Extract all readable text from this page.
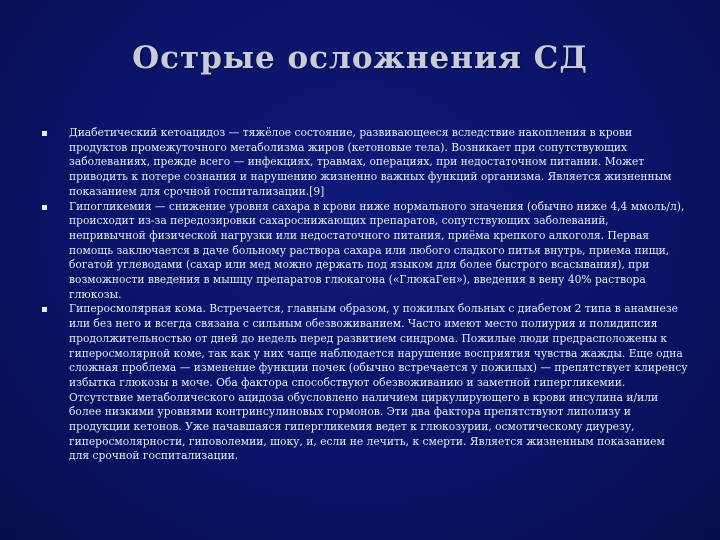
Острые осложнения СД
Диабетический кетоацидоз — тяжёлое состояние, развивающееся вследствие накопления в крови продуктов промежуточного метаболизма жиров (кетоновые тела). Возникает при сопутствующих заболеваниях, прежде всего — инфекциях, травмах, операциях, при недостаточном питании. Может приводить к потере сознания и нарушению жизненно важных функций организма. Является жизненным показанием для срочной госпитализации.[9]
Гипогликемия — снижение уровня сахара в крови ниже нормального значения (обычно ниже 4,4 ммоль/л), происходит из-за передозировки сахароснижающих препаратов, сопутствующих заболеваний, непривычной физической нагрузки или недостаточного питания, приёма крепкого алкоголя. Первая помощь заключается в даче больному раствора сахара или любого сладкого питья внутрь, приема пищи, богатой углеводами (сахар или мед можно держать под языком для более быстрого всасывания), при возможности введения в мышцу препаратов глюкагона («ГлюкаГен»), введения в вену 40% раствора глюкозы.
Гиперосмолярная кома. Встречается, главным образом, у пожилых больных с диабетом 2 типа в анамнезе или без него и всегда связана с сильным обезвоживанием. Часто имеют место полиурия и полидипсия продолжительностью от дней до недель перед развитием синдрома. Пожилые люди предрасположены к гиперосмолярной коме, так как у них чаще наблюдается нарушение восприятия чувства жажды. Еще одна сложная проблема — изменение функции почек (обычно встречается у пожилых) — препятствует клиренсу избытка глюкозы в моче. Оба фактора способствуют обезвоживанию и заметной гипергликемии. Отсутствие метаболического ацидоза обусловлено наличием циркулирующего в крови инсулина и/или более низкими уровнями контринсулиновых гормонов. Эти два фактора препятствуют липолизу и продукции кетонов. Уже начавшаяся гипергликемия ведет к глюкозурии, осмотическому диурезу, гиперосмолярности, гиповолемии, шоку, и, если не лечить, к смерти. Является жизненным показанием для срочной госпитализации.
